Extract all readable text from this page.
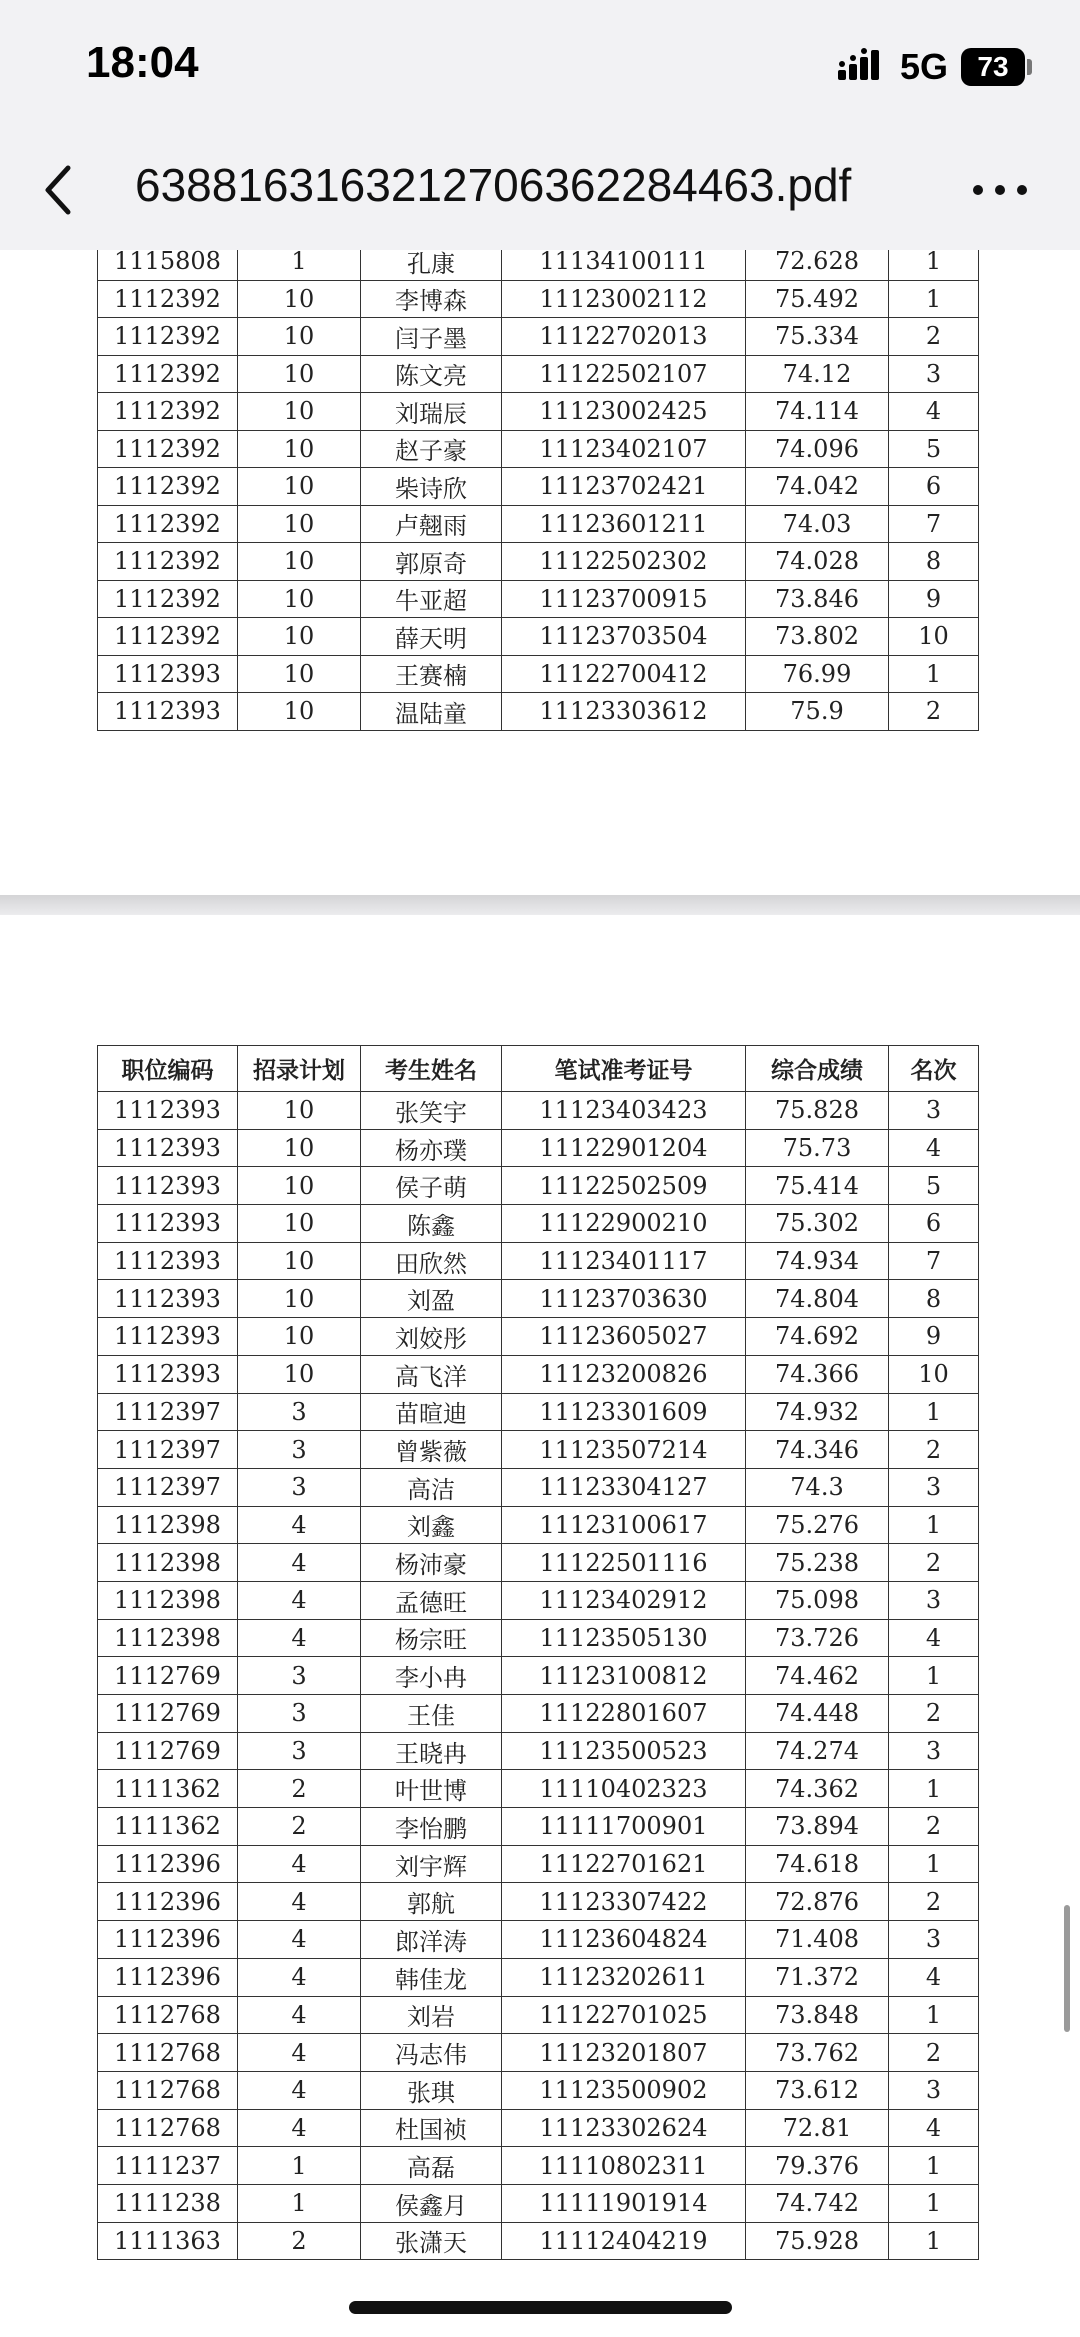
18:04	5G	73
638816316321270636228446​3.pdf
1115808	1	孔康	11134100111	72.628	1
1112392	10	李博森	11123002112	75.492	1
1112392	10	闫子墨	11122702013	75.334	2
1112392	10	陈文亮	11122502107	74.12	3
1112392	10	刘瑞辰	11123002425	74.114	4
1112392	10	赵子豪	11123402107	74.096	5
1112392	10	柴诗欣	11123702421	74.042	6
1112392	10	卢翹雨	11123601211	74.03	7
1112392	10	郭原奇	11122502302	74.028	8
1112392	10	牛亚超	11123700915	73.846	9
1112392	10	薛天明	11123703504	73.802	10
1112393	10	王赛楠	11122700412	76.99	1
1112393	10	温陆童	11123303612	75.9	2
职位编码	招录计划	考生姓名	笔试准考证号	综合成绩	名次
1112393	10	张笑宇	11123403423	75.828	3
1112393	10	杨亦璞	11122901204	75.73	4
1112393	10	侯子萌	11122502509	75.414	5
1112393	10	陈鑫	11122900210	75.302	6
1112393	10	田欣然	11123401117	74.934	7
1112393	10	刘盈	11123703630	74.804	8
1112393	10	刘姣彤	11123605027	74.692	9
1112393	10	高飞洋	11123200826	74.366	10
1112397	3	苗暄迪	11123301609	74.932	1
1112397	3	曾紫薇	11123507214	74.346	2
1112397	3	高洁	11123304127	74.3	3
1112398	4	刘鑫	11123100617	75.276	1
1112398	4	杨沛豪	11122501116	75.238	2
1112398	4	孟德旺	11123402912	75.098	3
1112398	4	杨宗旺	11123505130	73.726	4
1112769	3	李小冉	11123100812	74.462	1
1112769	3	王佳	11122801607	74.448	2
1112769	3	王晓冉	11123500523	74.274	3
1111362	2	叶世博	11110402323	74.362	1
1111362	2	李怡鹏	11111700901	73.894	2
1112396	4	刘宇辉	11122701621	74.618	1
1112396	4	郭航	11123307422	72.876	2
1112396	4	郎洋涛	11123604824	71.408	3
1112396	4	韩佳龙	11123202611	71.372	4
1112768	4	刘岩	11122701025	73.848	1
1112768	4	冯志伟	11123201807	73.762	2
1112768	4	张琪	11123500902	73.612	3
1112768	4	杜国祯	11123302624	72.81	4
1111237	1	高磊	11110802311	79.376	1
1111238	1	侯鑫月	11111901914	74.742	1
1111363	2	张潇天	11112404219	75.928	1
